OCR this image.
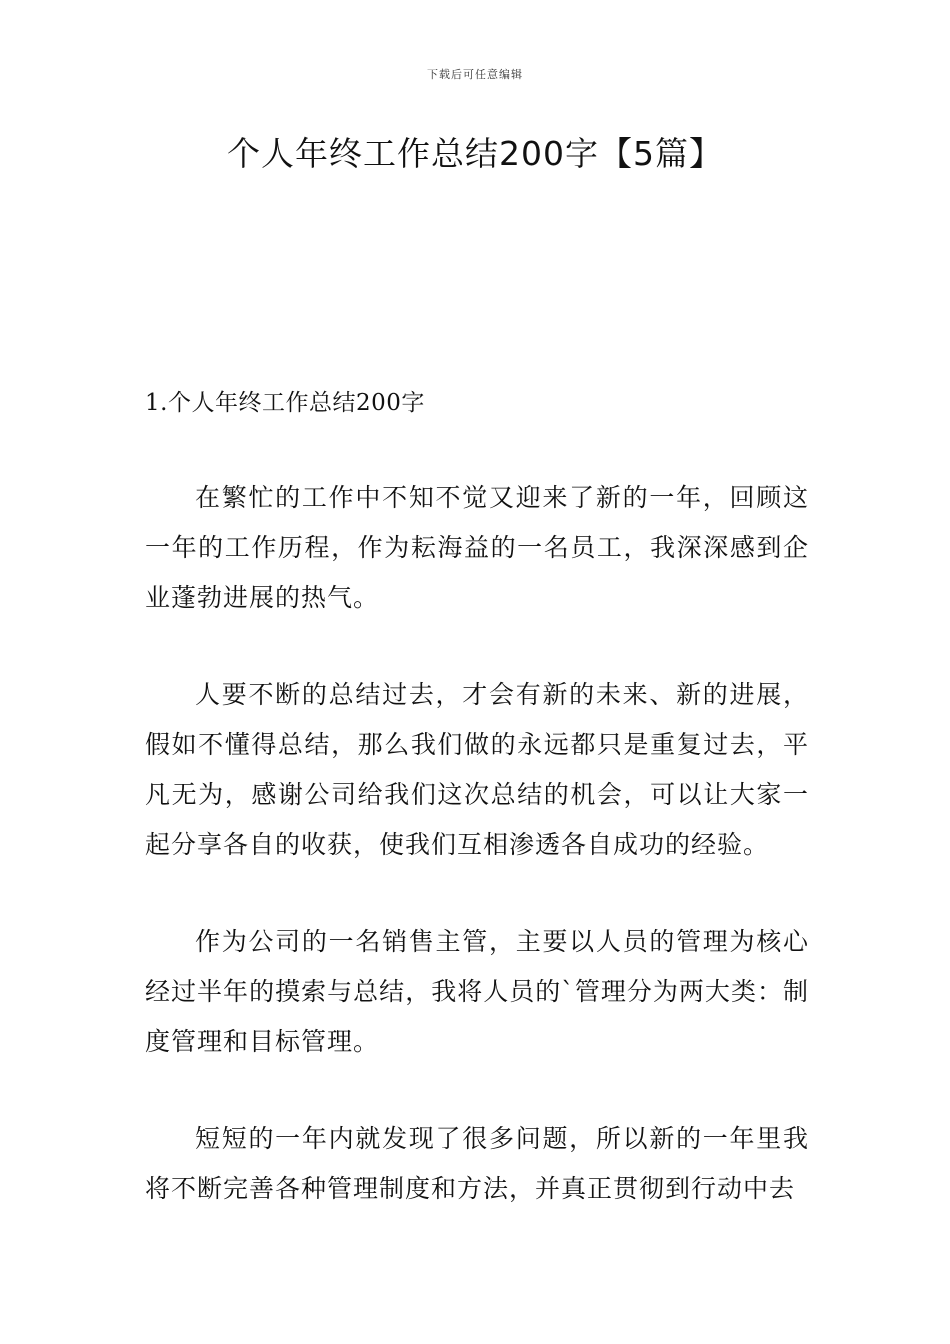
下载后可任意编辑
个人年终工作总结200字【5篇】
1.个人年终工作总结200字

在繁忙的工作中不知不觉又迎来了新的一年，回顾这一年的工作历程，作为耘海益的一名员工，我深深感到企业蓬勃进展的热气。

人要不断的总结过去，才会有新的未来、新的进展，假如不懂得总结，那么我们做的永远都只是重复过去，平凡无为，感谢公司给我们这次总结的机会，可以让大家一起分享各自的收获，使我们互相渗透各自成功的经验。

作为公司的一名销售主管，主要以人员的管理为核心经过半年的摸索与总结，我将人员的`管理分为两大类：制度管理和目标管理。

短短的一年内就发现了很多问题，所以新的一年里我将不断完善各种管理制度和方法，并真正贯彻到行动中去
